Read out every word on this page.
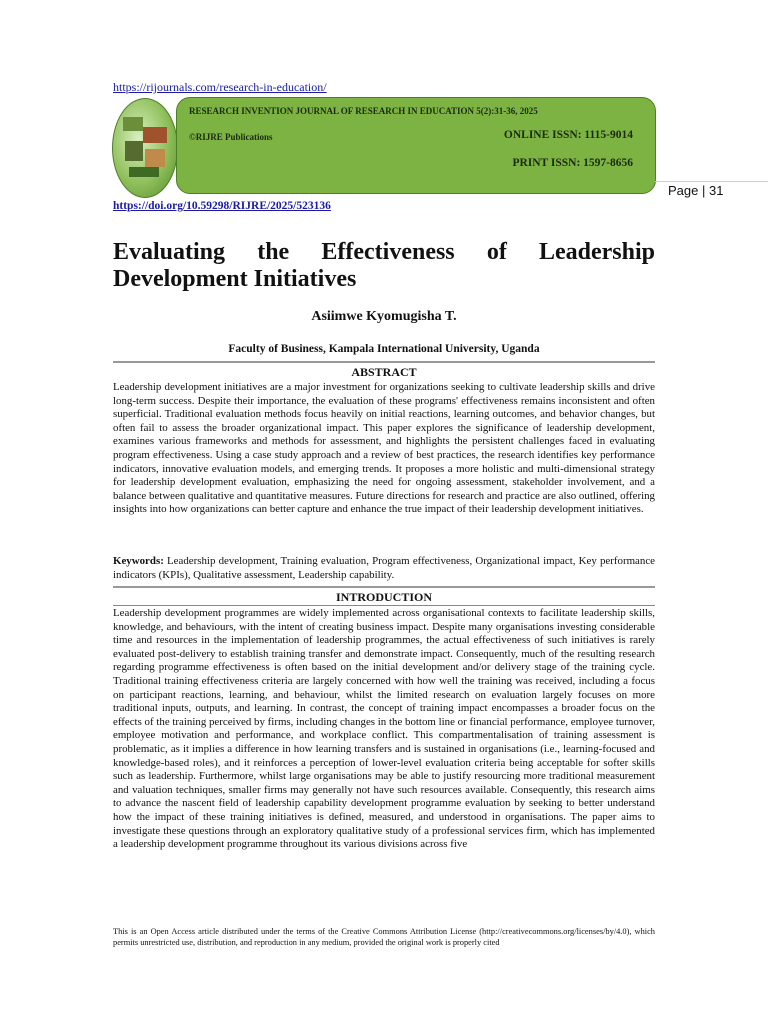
https://rijournals.com/research-in-education/
RESEARCH INVENTION JOURNAL OF RESEARCH IN EDUCATION 5(2):31-36, 2025
©RIJRE Publications	ONLINE ISSN: 1115-9014
PRINT ISSN: 1597-8656
Page | 31
https://doi.org/10.59298/RIJRE/2025/523136
Evaluating the Effectiveness of Leadership Development Initiatives
Asiimwe Kyomugisha T.
Faculty of Business, Kampala International University, Uganda
ABSTRACT

Leadership development initiatives are a major investment for organizations seeking to cultivate leadership skills and drive long-term success. Despite their importance, the evaluation of these programs' effectiveness remains inconsistent and often superficial. Traditional evaluation methods focus heavily on initial reactions, learning outcomes, and behavior changes, but often fail to assess the broader organizational impact. This paper explores the significance of leadership development, examines various frameworks and methods for assessment, and highlights the persistent challenges faced in evaluating program effectiveness. Using a case study approach and a review of best practices, the research identifies key performance indicators, innovative evaluation models, and emerging trends. It proposes a more holistic and multi-dimensional strategy for leadership development evaluation, emphasizing the need for ongoing assessment, stakeholder involvement, and a balance between qualitative and quantitative measures. Future directions for research and practice are also outlined, offering insights into how organizations can better capture and enhance the true impact of their leadership development initiatives.

Keywords: Leadership development, Training evaluation, Program effectiveness, Organizational impact, Key performance indicators (KPIs), Qualitative assessment, Leadership capability.

INTRODUCTION

Leadership development programmes are widely implemented across organisational contexts to facilitate leadership skills, knowledge, and behaviours, with the intent of creating business impact. Despite many organisations investing considerable time and resources in the implementation of leadership programmes, the actual effectiveness of such initiatives is rarely evaluated post-delivery to establish training transfer and demonstrate impact. Consequently, much of the resulting research regarding programme effectiveness is often based on the initial development and/or delivery stage of the training cycle. Traditional training effectiveness criteria are largely concerned with how well the training was received, including a focus on participant reactions, learning, and behaviour, whilst the limited research on evaluation largely focuses on more traditional inputs, outputs, and learning. In contrast, the concept of training impact encompasses a broader focus on the effects of the training perceived by firms, including changes in the bottom line or financial performance, employee turnover, employee motivation and performance, and workplace conflict. This compartmentalisation of training assessment is problematic, as it implies a difference in how learning transfers and is sustained in organisations (i.e., learning-focused and knowledge-based roles), and it reinforces a perception of lower-level evaluation criteria being acceptable for softer skills such as leadership. Furthermore, whilst large organisations may be able to justify resourcing more traditional measurement and valuation techniques, smaller firms may generally not have such resources available. Consequently, this research aims to advance the nascent field of leadership capability development programme evaluation by seeking to better understand how the impact of these training initiatives is defined, measured, and understood in organisations. The paper aims to investigate these questions through an exploratory qualitative study of a professional services firm, which has implemented a leadership development programme throughout its various divisions across five

This is an Open Access article distributed under the terms of the Creative Commons Attribution License (http://creativecommons.org/licenses/by/4.0), which permits unrestricted use, distribution, and reproduction in any medium, provided the original work is properly cited
